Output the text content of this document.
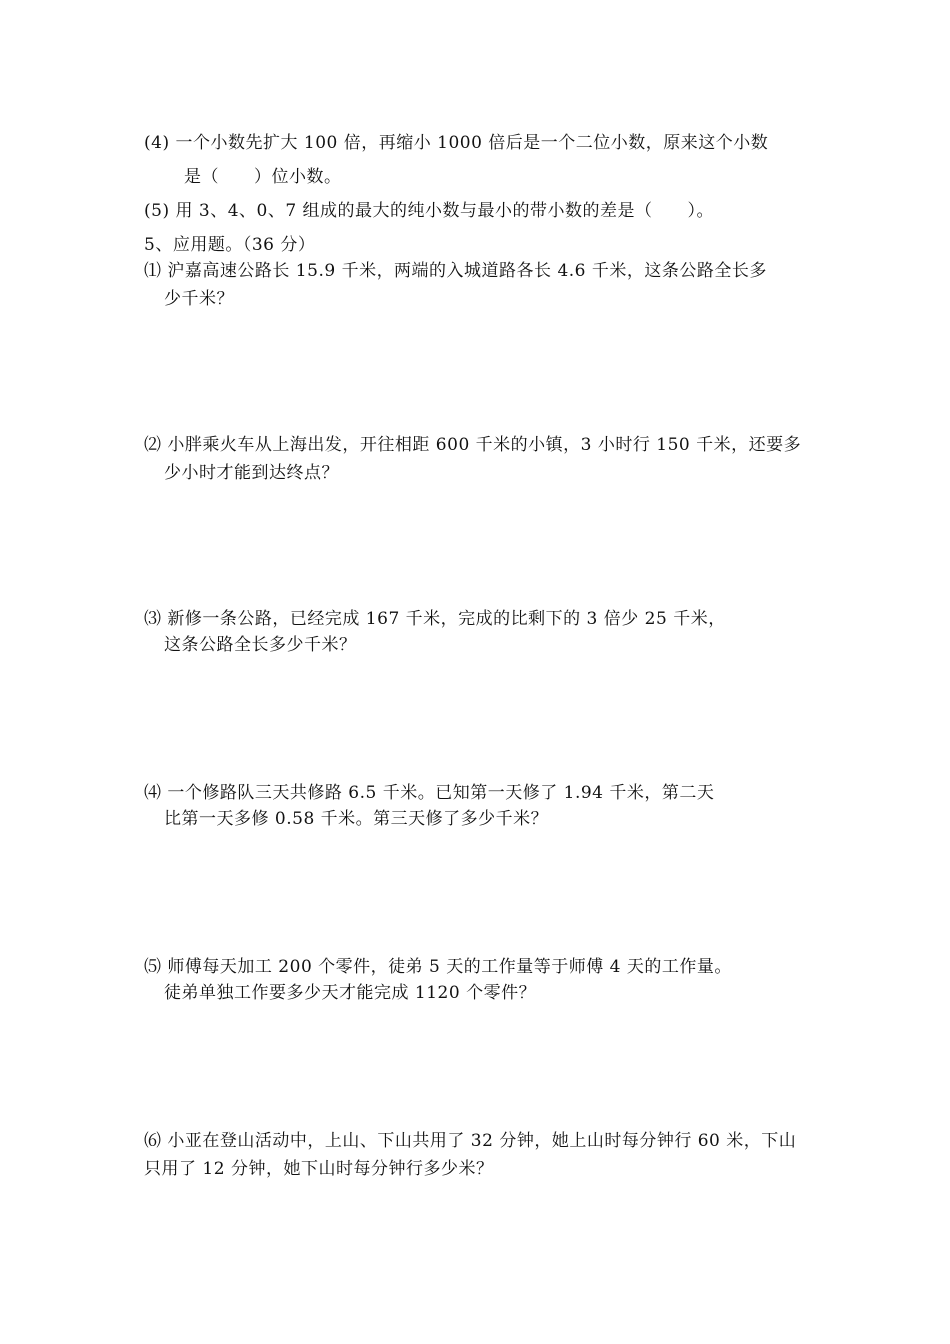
(4) 一个小数先扩大 100 倍，再缩小 1000 倍后是一个二位小数，原来这个小数
是（　　）位小数。
(5) 用 3、4、0、7 组成的最大的纯小数与最小的带小数的差是（　　）。
5、应用题。（36 分）
⑴ 沪嘉高速公路长 15.9 千米，两端的入城道路各长 4.6 千米，这条公路全长多
少千米？
⑵ 小胖乘火车从上海出发，开往相距 600 千米的小镇，3 小时行 150 千米，还要多
少小时才能到达终点？
⑶ 新修一条公路，已经完成 167 千米，完成的比剩下的 3 倍少 25 千米，
这条公路全长多少千米？
⑷ 一个修路队三天共修路 6.5 千米。已知第一天修了 1.94 千米，第二天
比第一天多修 0.58 千米。第三天修了多少千米？
⑸ 师傅每天加工 200 个零件，徒弟 5 天的工作量等于师傅 4 天的工作量。
徒弟单独工作要多少天才能完成 1120 个零件？
⑹ 小亚在登山活动中，上山、下山共用了 32 分钟，她上山时每分钟行 60 米，下山
只用了 12 分钟，她下山时每分钟行多少米？
